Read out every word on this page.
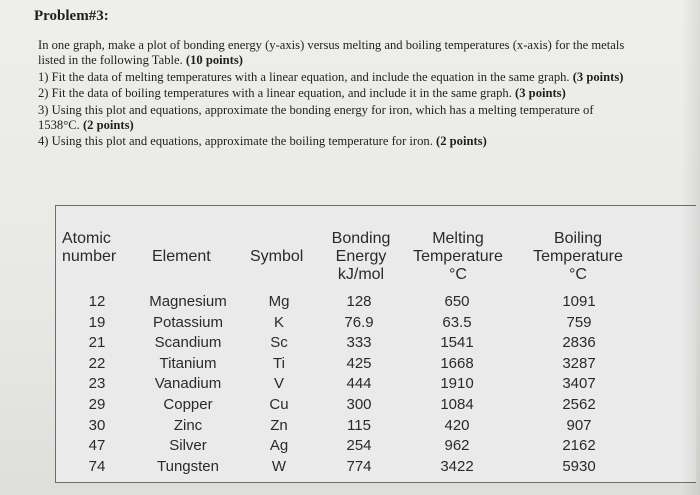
Problem#3:

In one graph, make a plot of bonding energy (y-axis) versus melting and boiling temperatures (x-axis) for the metals listed in the following Table. (10 points)

1) Fit the data of melting temperatures with a linear equation, and include the equation in the same graph. (3 points)

2) Fit the data of boiling temperatures with a linear equation, and include it in the same graph. (3 points)

3) Using this plot and equations, approximate the bonding energy for iron, which has a melting temperature of 1538°C. (2 points)

4) Using this plot and equations, approximate the boiling temperature for iron. (2 points)

Atomic
number Element Symbol
Bonding
Energy
kJ/mol
Melting
Temperature
°C
Boiling
Temperature
°C
12
19
21
22
23
29
30
47
74
Magnesium
Potassium
Scandium
Titanium
Vanadium
Copper
Zinc
Silver
Tungsten
Mg
K
Sc
Ti
V
Cu
Zn
Ag
W
128
76.9
333
425
444
300
115
254
774
650
63.5
1541
1668
1910
1084
420
962
3422
1091
759
2836
3287
3407
2562
907
2162
5930
